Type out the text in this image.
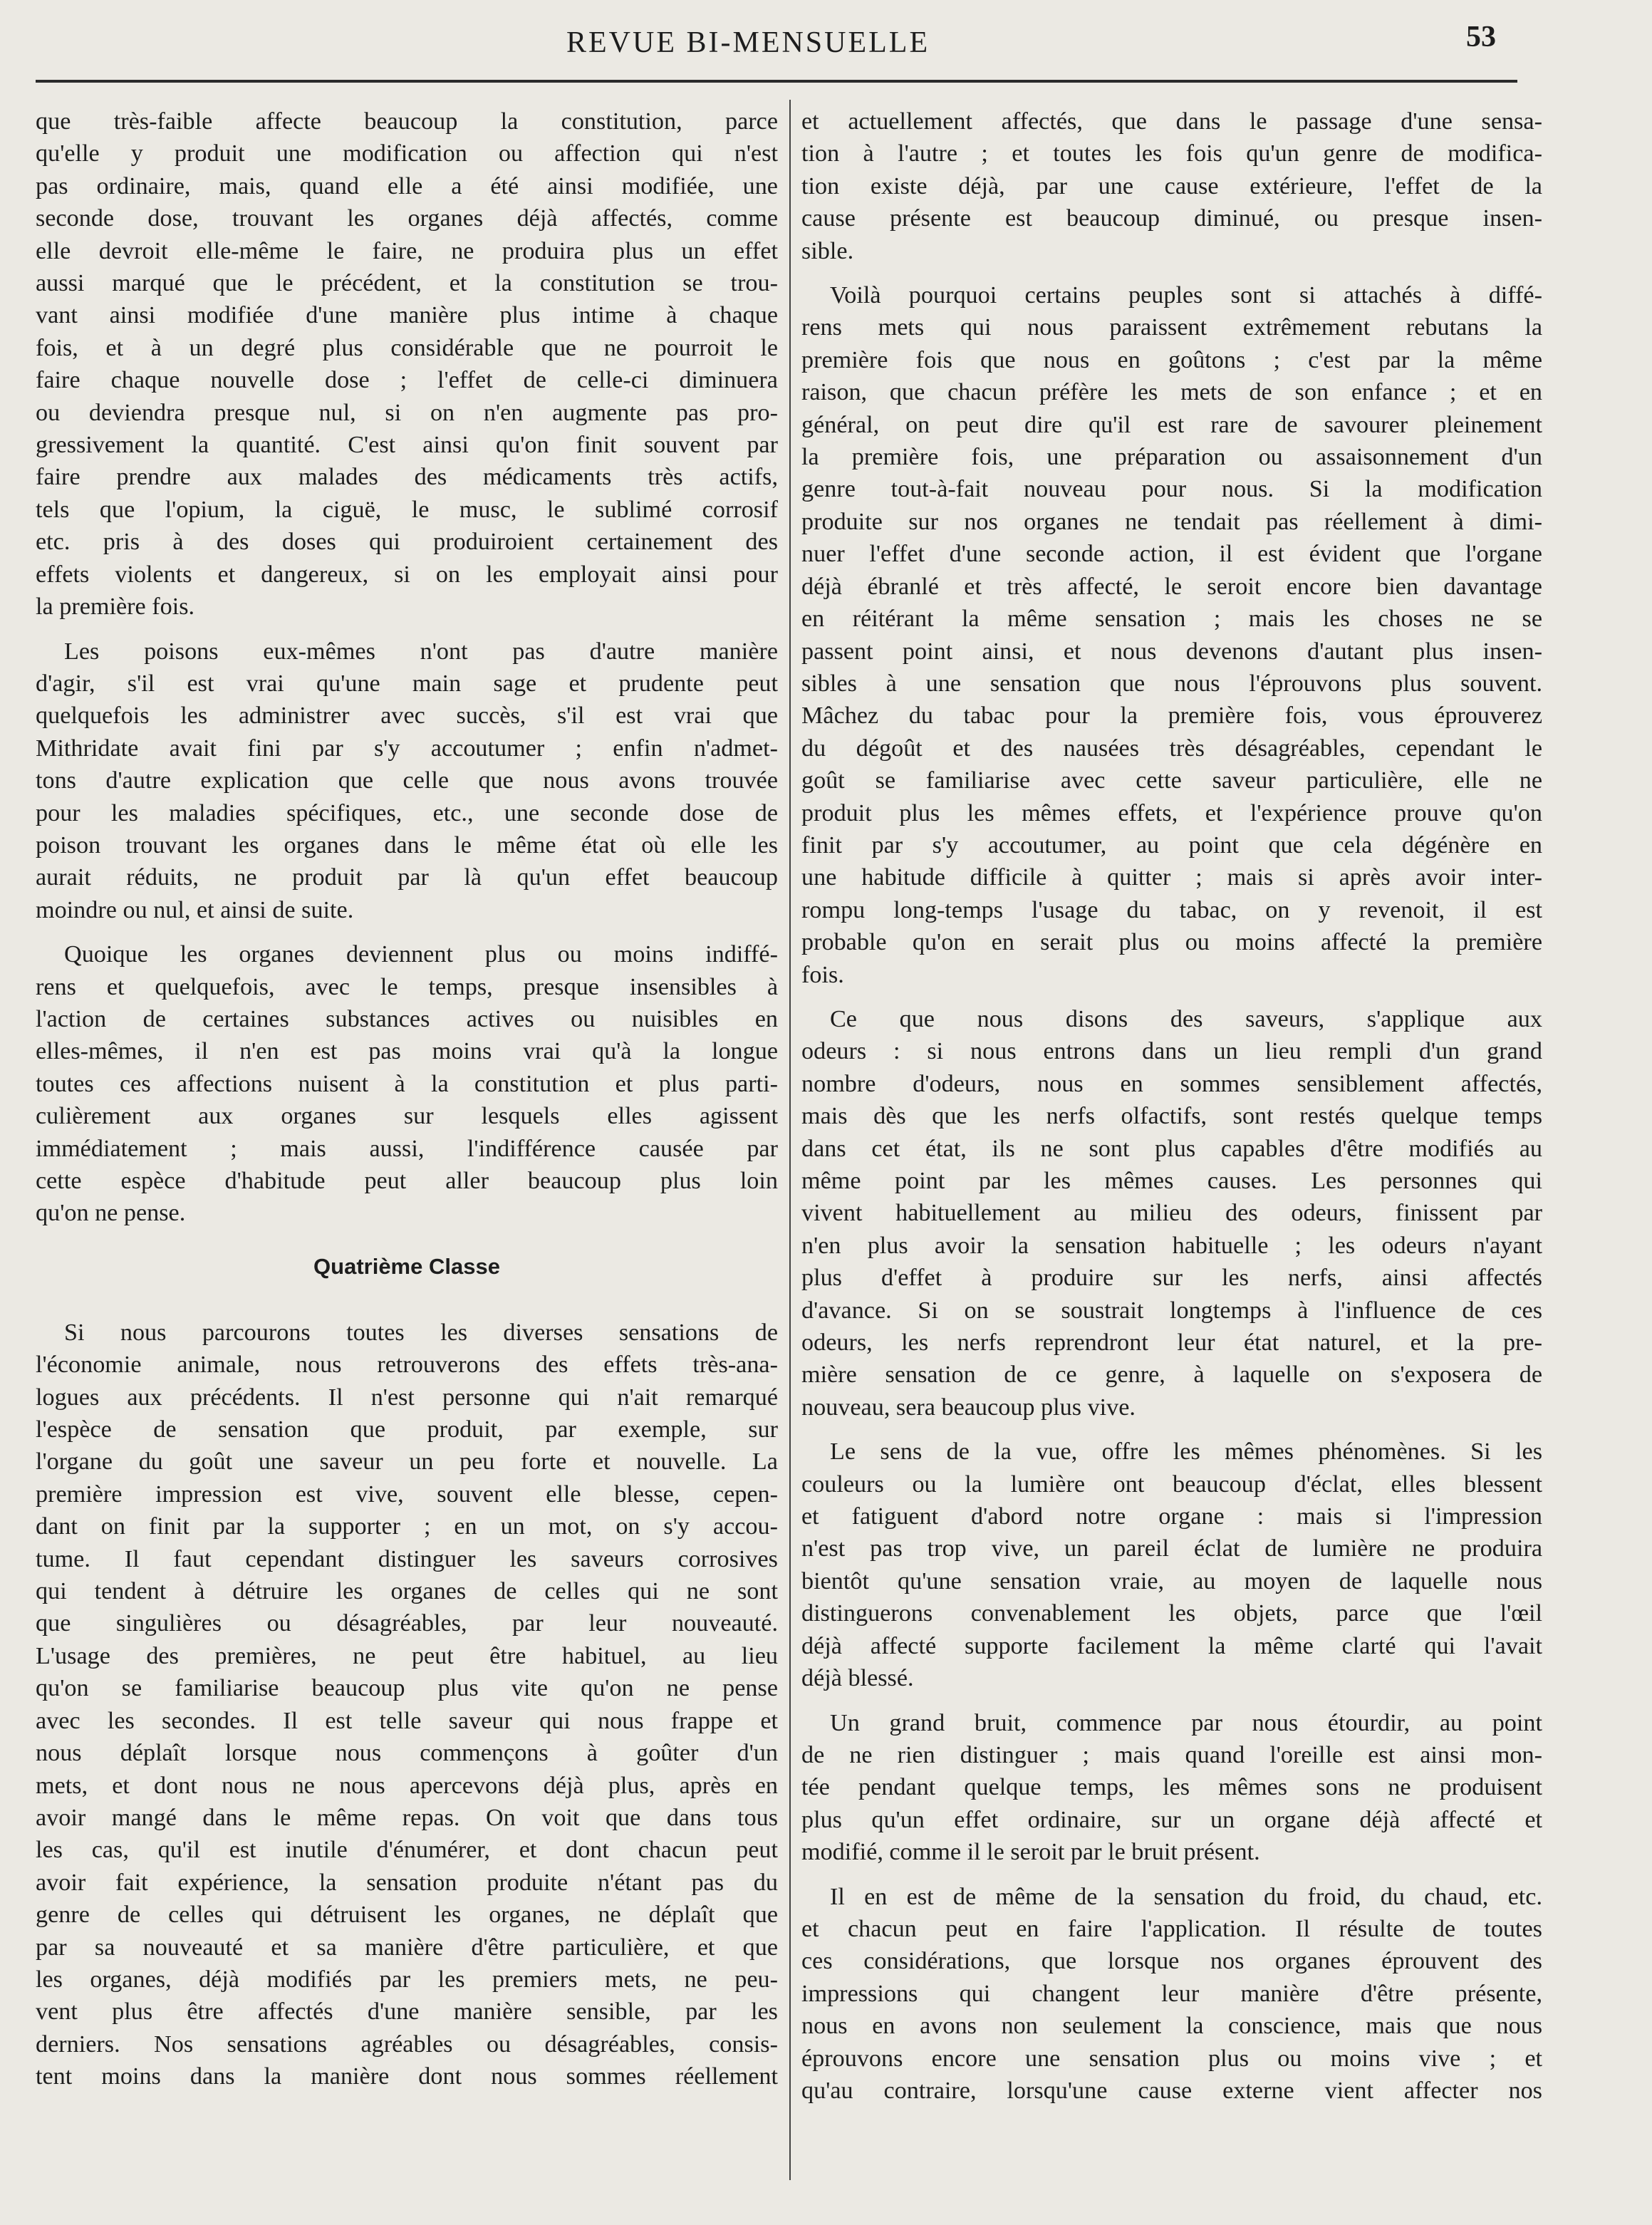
REVUE BI-MENSUELLE	53

que très-faible affecte beaucoup la constitution, parce

qu'elle y produit une modification ou affection qui n'est

pas ordinaire, mais, quand elle a été ainsi modifiée, une

seconde dose, trouvant les organes déjà affectés, comme

elle devroit elle-même le faire, ne produira plus un effet

aussi marqué que le précédent, et la constitution se trou-

vant ainsi modifiée d'une manière plus intime à chaque

fois, et à un degré plus considérable que ne pourroit le

faire chaque nouvelle dose ; l'effet de celle-ci diminuera

ou deviendra presque nul, si on n'en augmente pas pro-

gressivement la quantité. C'est ainsi qu'on finit souvent par

faire prendre aux malades des médicaments très actifs,

tels que l'opium, la ciguë, le musc, le sublimé corrosif

etc. pris à des doses qui produiroient certainement des

effets violents et dangereux, si on les employait ainsi pour

la première fois.

Les poisons eux-mêmes n'ont pas d'autre manière

d'agir, s'il est vrai qu'une main sage et prudente peut

quelquefois les administrer avec succès, s'il est vrai que

Mithridate avait fini par s'y accoutumer ; enfin n'admet-

tons d'autre explication que celle que nous avons trouvée

pour les maladies spécifiques, etc., une seconde dose de

poison trouvant les organes dans le même état où elle les

aurait réduits, ne produit par là qu'un effet beaucoup

moindre ou nul, et ainsi de suite.

Quoique les organes deviennent plus ou moins indiffé-

rens et quelquefois, avec le temps, presque insensibles à

l'action de certaines substances actives ou nuisibles en

elles-mêmes, il n'en est pas moins vrai qu'à la longue

toutes ces affections nuisent à la constitution et plus parti-

culièrement aux organes sur lesquels elles agissent

immédiatement ; mais aussi, l'indifférence causée par

cette espèce d'habitude peut aller beaucoup plus loin

qu'on ne pense.

Quatrième Classe

Si nous parcourons toutes les diverses sensations de

l'économie animale, nous retrouverons des effets très-ana-

logues aux précédents. Il n'est personne qui n'ait remarqué

l'espèce de sensation que produit, par exemple, sur

l'organe du goût une saveur un peu forte et nouvelle. La

première impression est vive, souvent elle blesse, cepen-

dant on finit par la supporter ; en un mot, on s'y accou-

tume. Il faut cependant distinguer les saveurs corrosives

qui tendent à détruire les organes de celles qui ne sont

que singulières ou désagréables, par leur nouveauté.

L'usage des premières, ne peut être habituel, au lieu

qu'on se familiarise beaucoup plus vite qu'on ne pense

avec les secondes. Il est telle saveur qui nous frappe et

nous déplaît lorsque nous commençons à goûter d'un

mets, et dont nous ne nous apercevons déjà plus, après en

avoir mangé dans le même repas. On voit que dans tous

les cas, qu'il est inutile d'énumérer, et dont chacun peut

avoir fait expérience, la sensation produite n'étant pas du

genre de celles qui détruisent les organes, ne déplaît que

par sa nouveauté et sa manière d'être particulière, et que

les organes, déjà modifiés par les premiers mets, ne peu-

vent plus être affectés d'une manière sensible, par les

derniers. Nos sensations agréables ou désagréables, consis-

tent moins dans la manière dont nous sommes réellement

et actuellement affectés, que dans le passage d'une sensa-

tion à l'autre ; et toutes les fois qu'un genre de modifica-

tion existe déjà, par une cause extérieure, l'effet de la

cause présente est beaucoup diminué, ou presque insen-

sible.

Voilà pourquoi certains peuples sont si attachés à diffé-

rens mets qui nous paraissent extrêmement rebutans la

première fois que nous en goûtons ; c'est par la même

raison, que chacun préfère les mets de son enfance ; et en

général, on peut dire qu'il est rare de savourer pleinement

la première fois, une préparation ou assaisonnement d'un

genre tout-à-fait nouveau pour nous. Si la modification

produite sur nos organes ne tendait pas réellement à dimi-

nuer l'effet d'une seconde action, il est évident que l'organe

déjà ébranlé et très affecté, le seroit encore bien davantage

en réitérant la même sensation ; mais les choses ne se

passent point ainsi, et nous devenons d'autant plus insen-

sibles à une sensation que nous l'éprouvons plus souvent.

Mâchez du tabac pour la première fois, vous éprouverez

du dégoût et des nausées très désagréables, cependant le

goût se familiarise avec cette saveur particulière, elle ne

produit plus les mêmes effets, et l'expérience prouve qu'on

finit par s'y accoutumer, au point que cela dégénère en

une habitude difficile à quitter ; mais si après avoir inter-

rompu long-temps l'usage du tabac, on y revenoit, il est

probable qu'on en serait plus ou moins affecté la première

fois.

Ce que nous disons des saveurs, s'applique aux

odeurs : si nous entrons dans un lieu rempli d'un grand

nombre d'odeurs, nous en sommes sensiblement affectés,

mais dès que les nerfs olfactifs, sont restés quelque temps

dans cet état, ils ne sont plus capables d'être modifiés au

même point par les mêmes causes. Les personnes qui

vivent habituellement au milieu des odeurs, finissent par

n'en plus avoir la sensation habituelle ; les odeurs n'ayant

plus d'effet à produire sur les nerfs, ainsi affectés

d'avance. Si on se soustrait longtemps à l'influence de ces

odeurs, les nerfs reprendront leur état naturel, et la pre-

mière sensation de ce genre, à laquelle on s'exposera de

nouveau, sera beaucoup plus vive.

Le sens de la vue, offre les mêmes phénomènes. Si les

couleurs ou la lumière ont beaucoup d'éclat, elles blessent

et fatiguent d'abord notre organe : mais si l'impression

n'est pas trop vive, un pareil éclat de lumière ne produira

bientôt qu'une sensation vraie, au moyen de laquelle nous

distinguerons convenablement les objets, parce que l'œil

déjà affecté supporte facilement la même clarté qui l'avait

déjà blessé.

Un grand bruit, commence par nous étourdir, au point

de ne rien distinguer ; mais quand l'oreille est ainsi mon-

tée pendant quelque temps, les mêmes sons ne produisent

plus qu'un effet ordinaire, sur un organe déjà affecté et

modifié, comme il le seroit par le bruit présent.

Il en est de même de la sensation du froid, du chaud, etc.

et chacun peut en faire l'application. Il résulte de toutes

ces considérations, que lorsque nos organes éprouvent des

impressions qui changent leur manière d'être présente,

nous en avons non seulement la conscience, mais que nous

éprouvons encore une sensation plus ou moins vive ; et

qu'au contraire, lorsqu'une cause externe vient affecter nos
